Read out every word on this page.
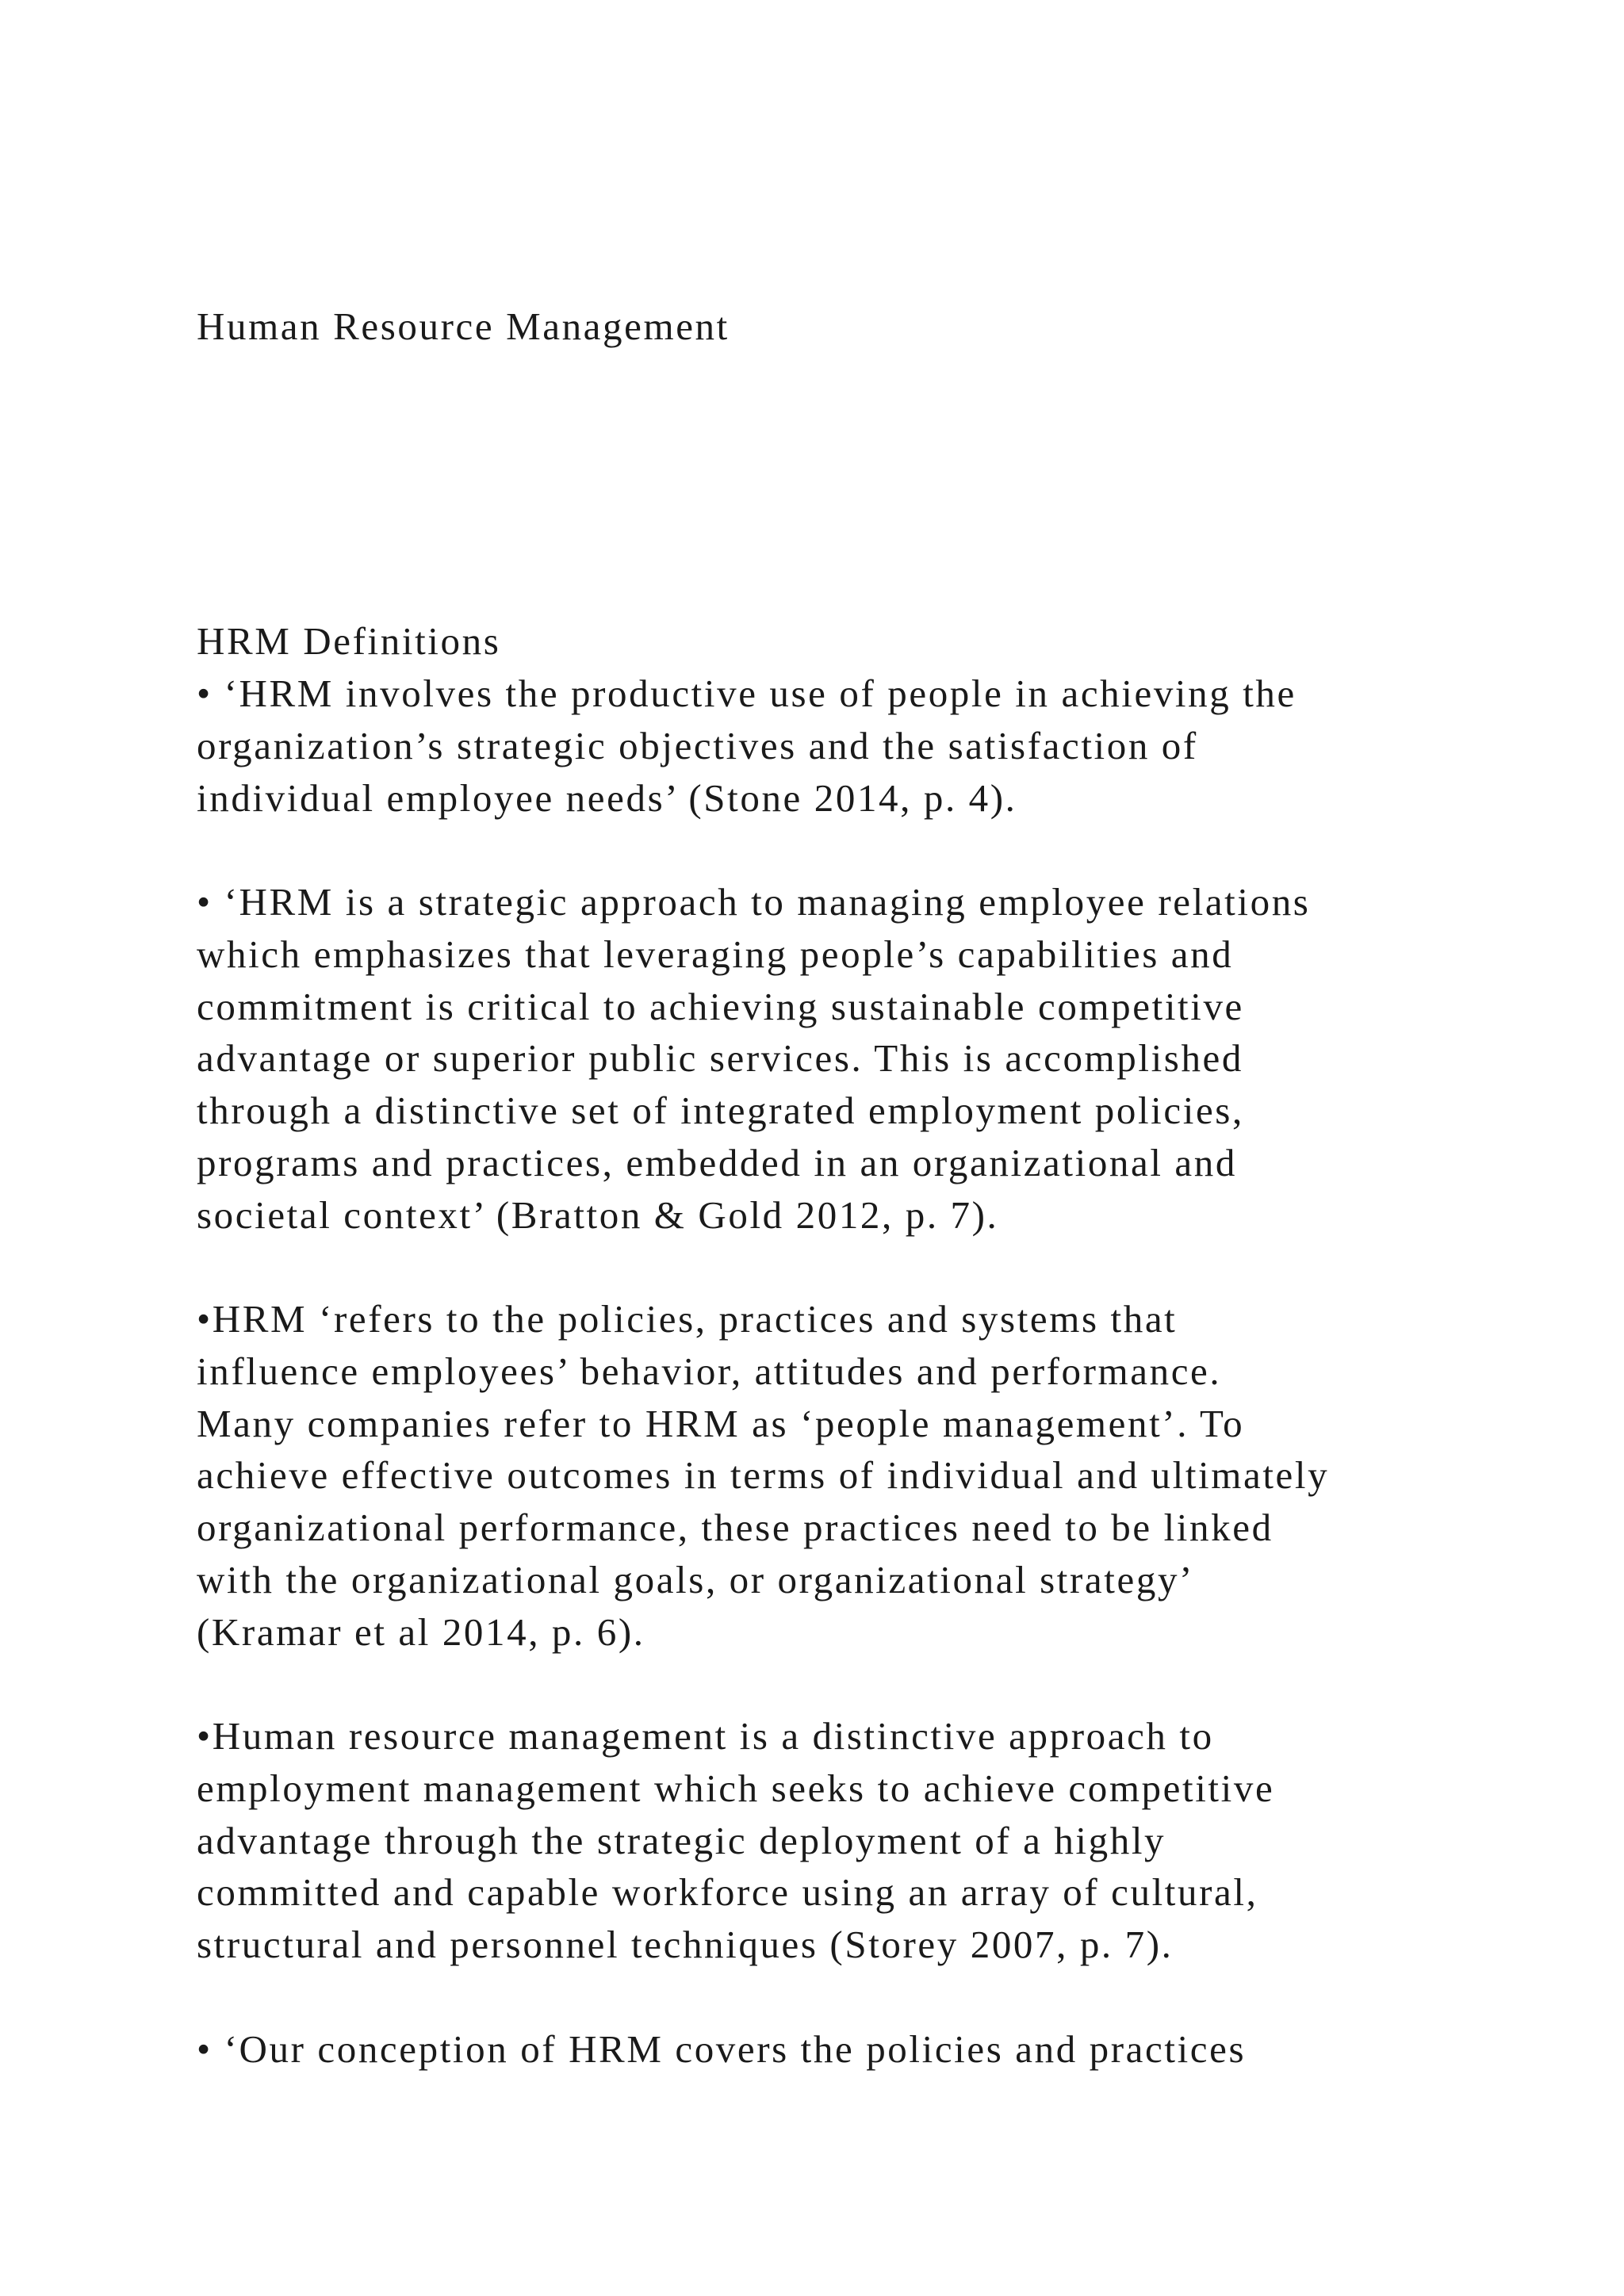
Human Resource Management

HRM Definitions

• ‘HRM involves the productive use of people in achieving the

organization’s strategic objectives and the satisfaction of

individual employee needs’ (Stone 2014, p. 4).

• ‘HRM is a strategic approach to managing employee relations

which emphasizes that leveraging people’s capabilities and

commitment is critical to achieving sustainable competitive

advantage or superior public services. This is accomplished

through a distinctive set of integrated employment policies,

programs and practices, embedded in an organizational and

societal context’ (Bratton & Gold 2012, p. 7).

•HRM ‘refers to the policies, practices and systems that

influence employees’ behavior, attitudes and performance.

Many companies refer to HRM as ‘people management’. To

achieve effective outcomes in terms of individual and ultimately

organizational performance, these practices need to be linked

with the organizational goals, or organizational strategy’

(Kramar et al 2014, p. 6).

•Human resource management is a distinctive approach to

employment management which seeks to achieve competitive

advantage through the strategic deployment of a highly

committed and capable workforce using an array of cultural,

structural and personnel techniques (Storey 2007, p. 7).

• ‘Our conception of HRM covers the policies and practices
